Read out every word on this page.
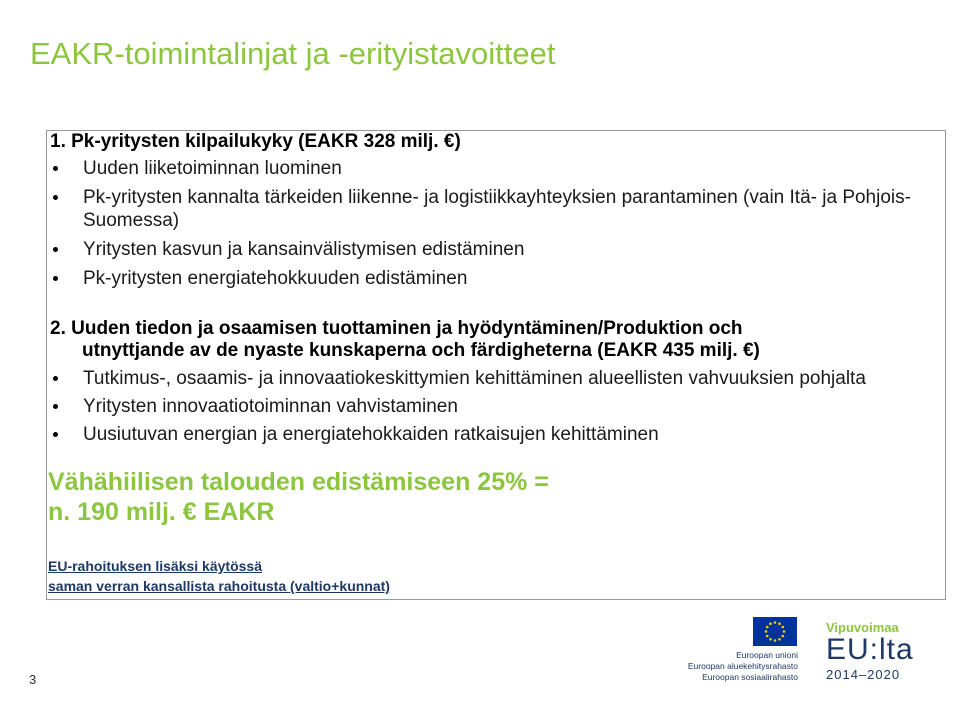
EAKR-toimintalinjat ja -erityistavoitteet
1. Pk-yritysten kilpailukyky (EAKR 328 milj. €)
Uuden liiketoiminnan luominen
Pk-yritysten kannalta tärkeiden liikenne- ja logistiikkayhteyksien parantaminen (vain Itä- ja Pohjois-Suomessa)
Yritysten kasvun ja kansainvälistymisen edistäminen
Pk-yritysten energiatehokkuuden edistäminen
2. Uuden tiedon ja osaamisen tuottaminen ja hyödyntäminen/Produktion och
utnyttjande av de nyaste kunskaperna och färdigheterna (EAKR 435 milj. €)
Tutkimus-, osaamis- ja innovaatiokeskittymien kehittäminen alueellisten vahvuuksien pohjalta
Yritysten innovaatiotoiminnan vahvistaminen
Uusiutuvan energian ja energiatehokkaiden ratkaisujen kehittäminen
Vähähiilisen talouden edistämiseen 25% =
n. 190 milj. € EAKR
EU-rahoituksen lisäksi käytössä
saman verran kansallista rahoitusta (valtio+kunnat)
3
Euroopan unioni
Euroopan aluekehitysrahasto
Euroopan sosiaalirahasto
Vipuvoimaa
EU:lta
2014–2020
